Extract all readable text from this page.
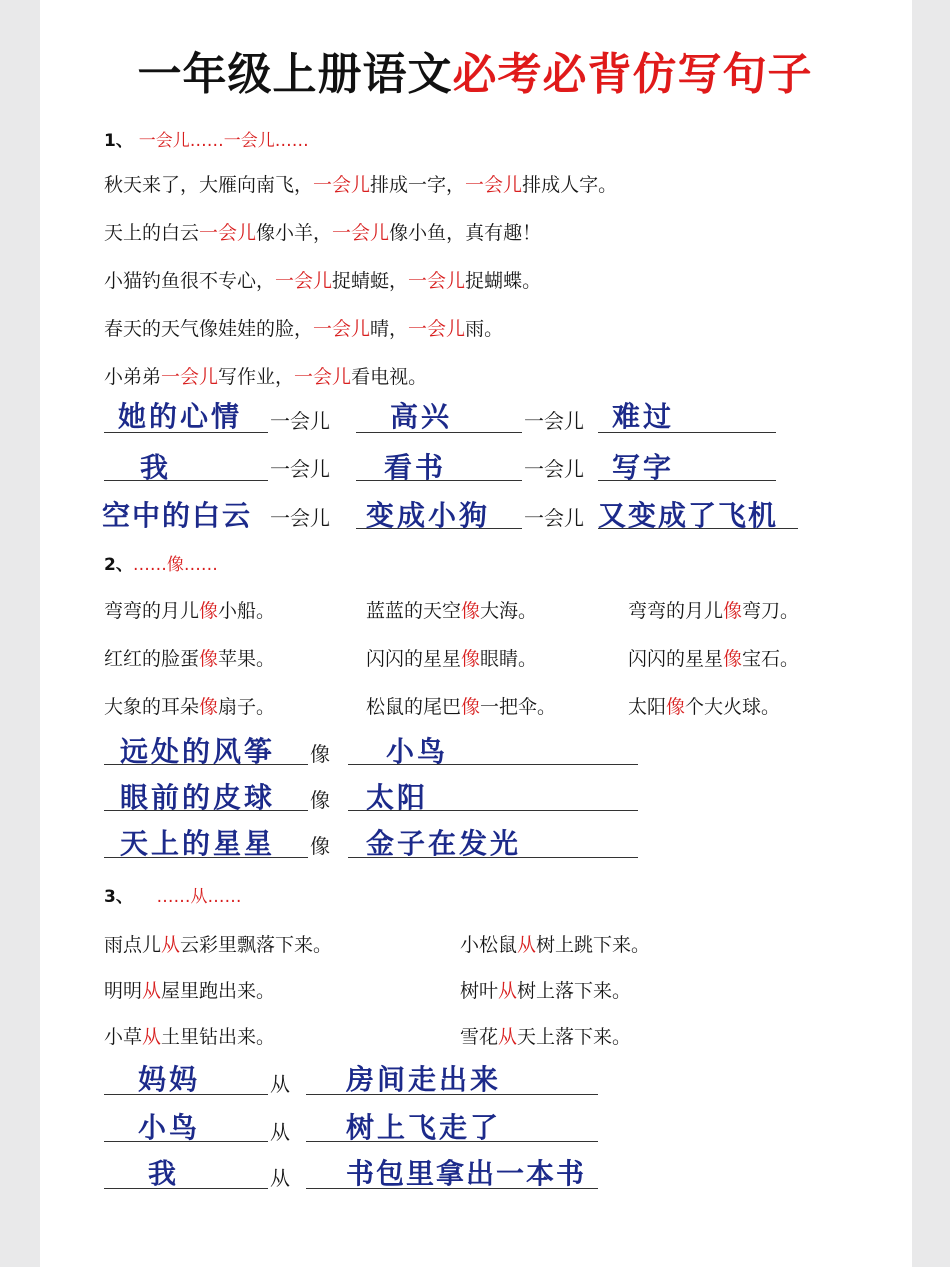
一年级上册语文必考必背仿写句子
1、 一会儿……一会儿……
秋天来了，大雁向南飞，一会儿排成一字，一会儿排成人字。
天上的白云一会儿像小羊，一会儿像小鱼，真有趣！
小猫钓鱼很不专心，一会儿捉蜻蜓，一会儿捉蝴蝶。
春天的天气像娃娃的脸，一会儿晴，一会儿雨。
小弟弟一会儿写作业，一会儿看电视。
她的心情 一会儿 高兴	一会儿 难过
我	一会儿 看书	一会儿 写字
空中的白云 一会儿 变成小狗 一会儿 又变成了飞机
2、……像……
弯弯的月儿像小船。	蓝蓝的天空像大海。	弯弯的月儿像弯刀。
红红的脸蛋像苹果。	闪闪的星星像眼睛。	闪闪的星星像宝石。
大象的耳朵像扇子。	松鼠的尾巴像一把伞。	太阳像个大火球。
远处的风筝 像 小鸟
眼前的皮球 像 太阳
天上的星星 像 金子在发光
3、 ……从……
雨点儿从云彩里飘落下来。	小松鼠从树上跳下来。
明明从屋里跑出来。	树叶从树上落下来。
小草从土里钻出来。	雪花从天上落下来。
妈妈	从 房间走出来
小鸟	从 树上飞走了
我	从 书包里拿出一本书
